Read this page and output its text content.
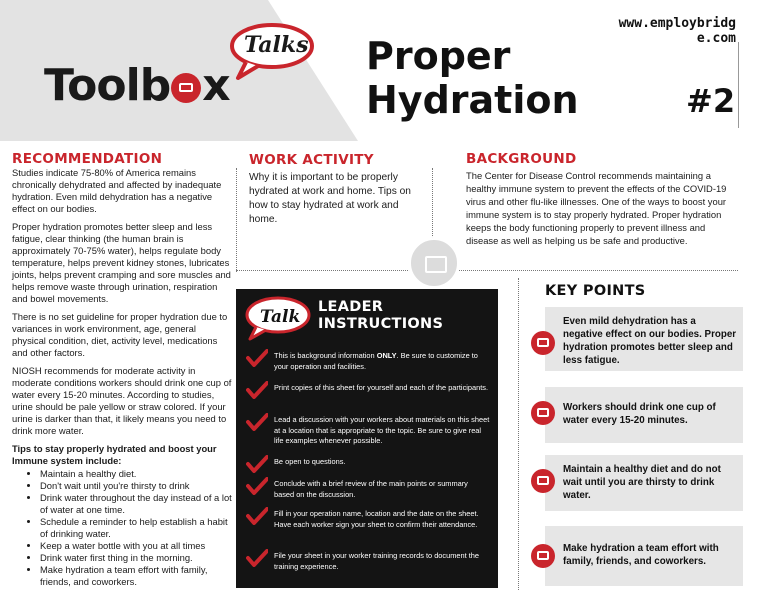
Toolb x
Talks Proper
Hydration	#2
www.employbridg
e.com
RECOMMENDATION

Studies indicate 75-80% of America remains chronically dehydrated and affected by inadequate hydration. Even mild dehydration has a negative effect on our bodies.

Proper hydration promotes better sleep and less fatigue, clear thinking (the human brain is approximately 70-75% water), helps regulate body temperature, helps prevent kidney stones, lubricates joints, helps prevent cramping and sore muscles and helps remove waste through urination, respiration and bowel movements.

There is no set guideline for proper hydration due to variances in work environment, age, general physical condition, diet, activity level, medications and other factors.

NIOSH recommends for moderate activity in moderate conditions workers should drink one cup of water every 15-20 minutes. According to studies, urine should be pale yellow or straw colored. If your urine is darker than that, it likely means you need to drink more water.

Tips to stay properly hydrated and boost your Immune system include:

• Maintain a healthy diet.
• Don't wait until you're thirsty to drink
• Drink water throughout the day instead of a lot of water at one time.
• Schedule a reminder to help establish a habit of drinking water.
• Keep a water bottle with you at all times
• Drink water first thing in the morning.
• Make hydration a team effort with family, friends, and coworkers.
WORK ACTIVITY

Why it is important to be properly hydrated at work and home. Tips on how to stay hydrated at work and home.

BACKGROUND

The Center for Disease Control recommends maintaining a healthy immune system to prevent the effects of the COVID-19 virus and other flu-like illnesses. One of the ways to boost your immune system is to stay properly hydrated. Proper hydration keeps the body functioning properly to prevent illness and disease as well as helping us be safe and productive.

Talk LEADER
INSTRUCTIONS
This is background information ONLY. Be sure to customize to your operation and facilities.
Print copies of this sheet for yourself and each of the participants.
Lead a discussion with your workers about materials on this sheet at a location that is appropriate to the topic. Be sure to give real life examples whenever possible.
Be open to questions.
Conclude with a brief review of the main points or summary based on the discussion.
Fill in your operation name, location and the date on the sheet. Have each worker sign your sheet to confirm their attendance.
File your sheet in your worker training records to document the training experience.
KEY POINTS
Even mild dehydration has a negative effect on our bodies. Proper hydration promotes better sleep and less fatigue.
Workers should drink one cup of water every 15-20 minutes.
Maintain a healthy diet and do not wait until you are thirsty to drink water.
Make hydration a team effort with family, friends, and coworkers.
